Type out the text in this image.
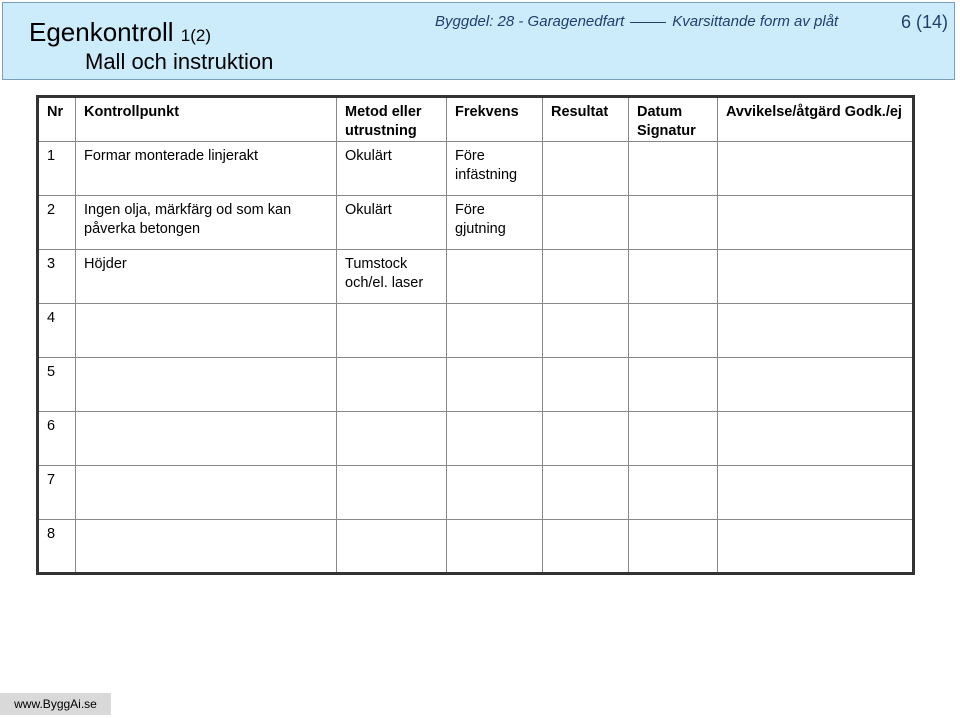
Egenkontroll 1(2)
Mall och instruktion
Byggdel: 28 - Garagenedfart	Kvarsittande form av plåt	6 (14)
Nr	Kontrollpunkt	Metod eller utrustning	Frekvens	Resultat	Datum Signatur	Avvikelse/åtgärd Godk./ej
1	Formar monterade linjerakt	Okulärt	Före infästning			
2	Ingen olja, märkfärg od som kan påverka betongen	Okulärt	Före gjutning			
3	Höjder	Tumstock och/el. laser				
4						
5						
6						
7						
8						
www.ByggAi.se
